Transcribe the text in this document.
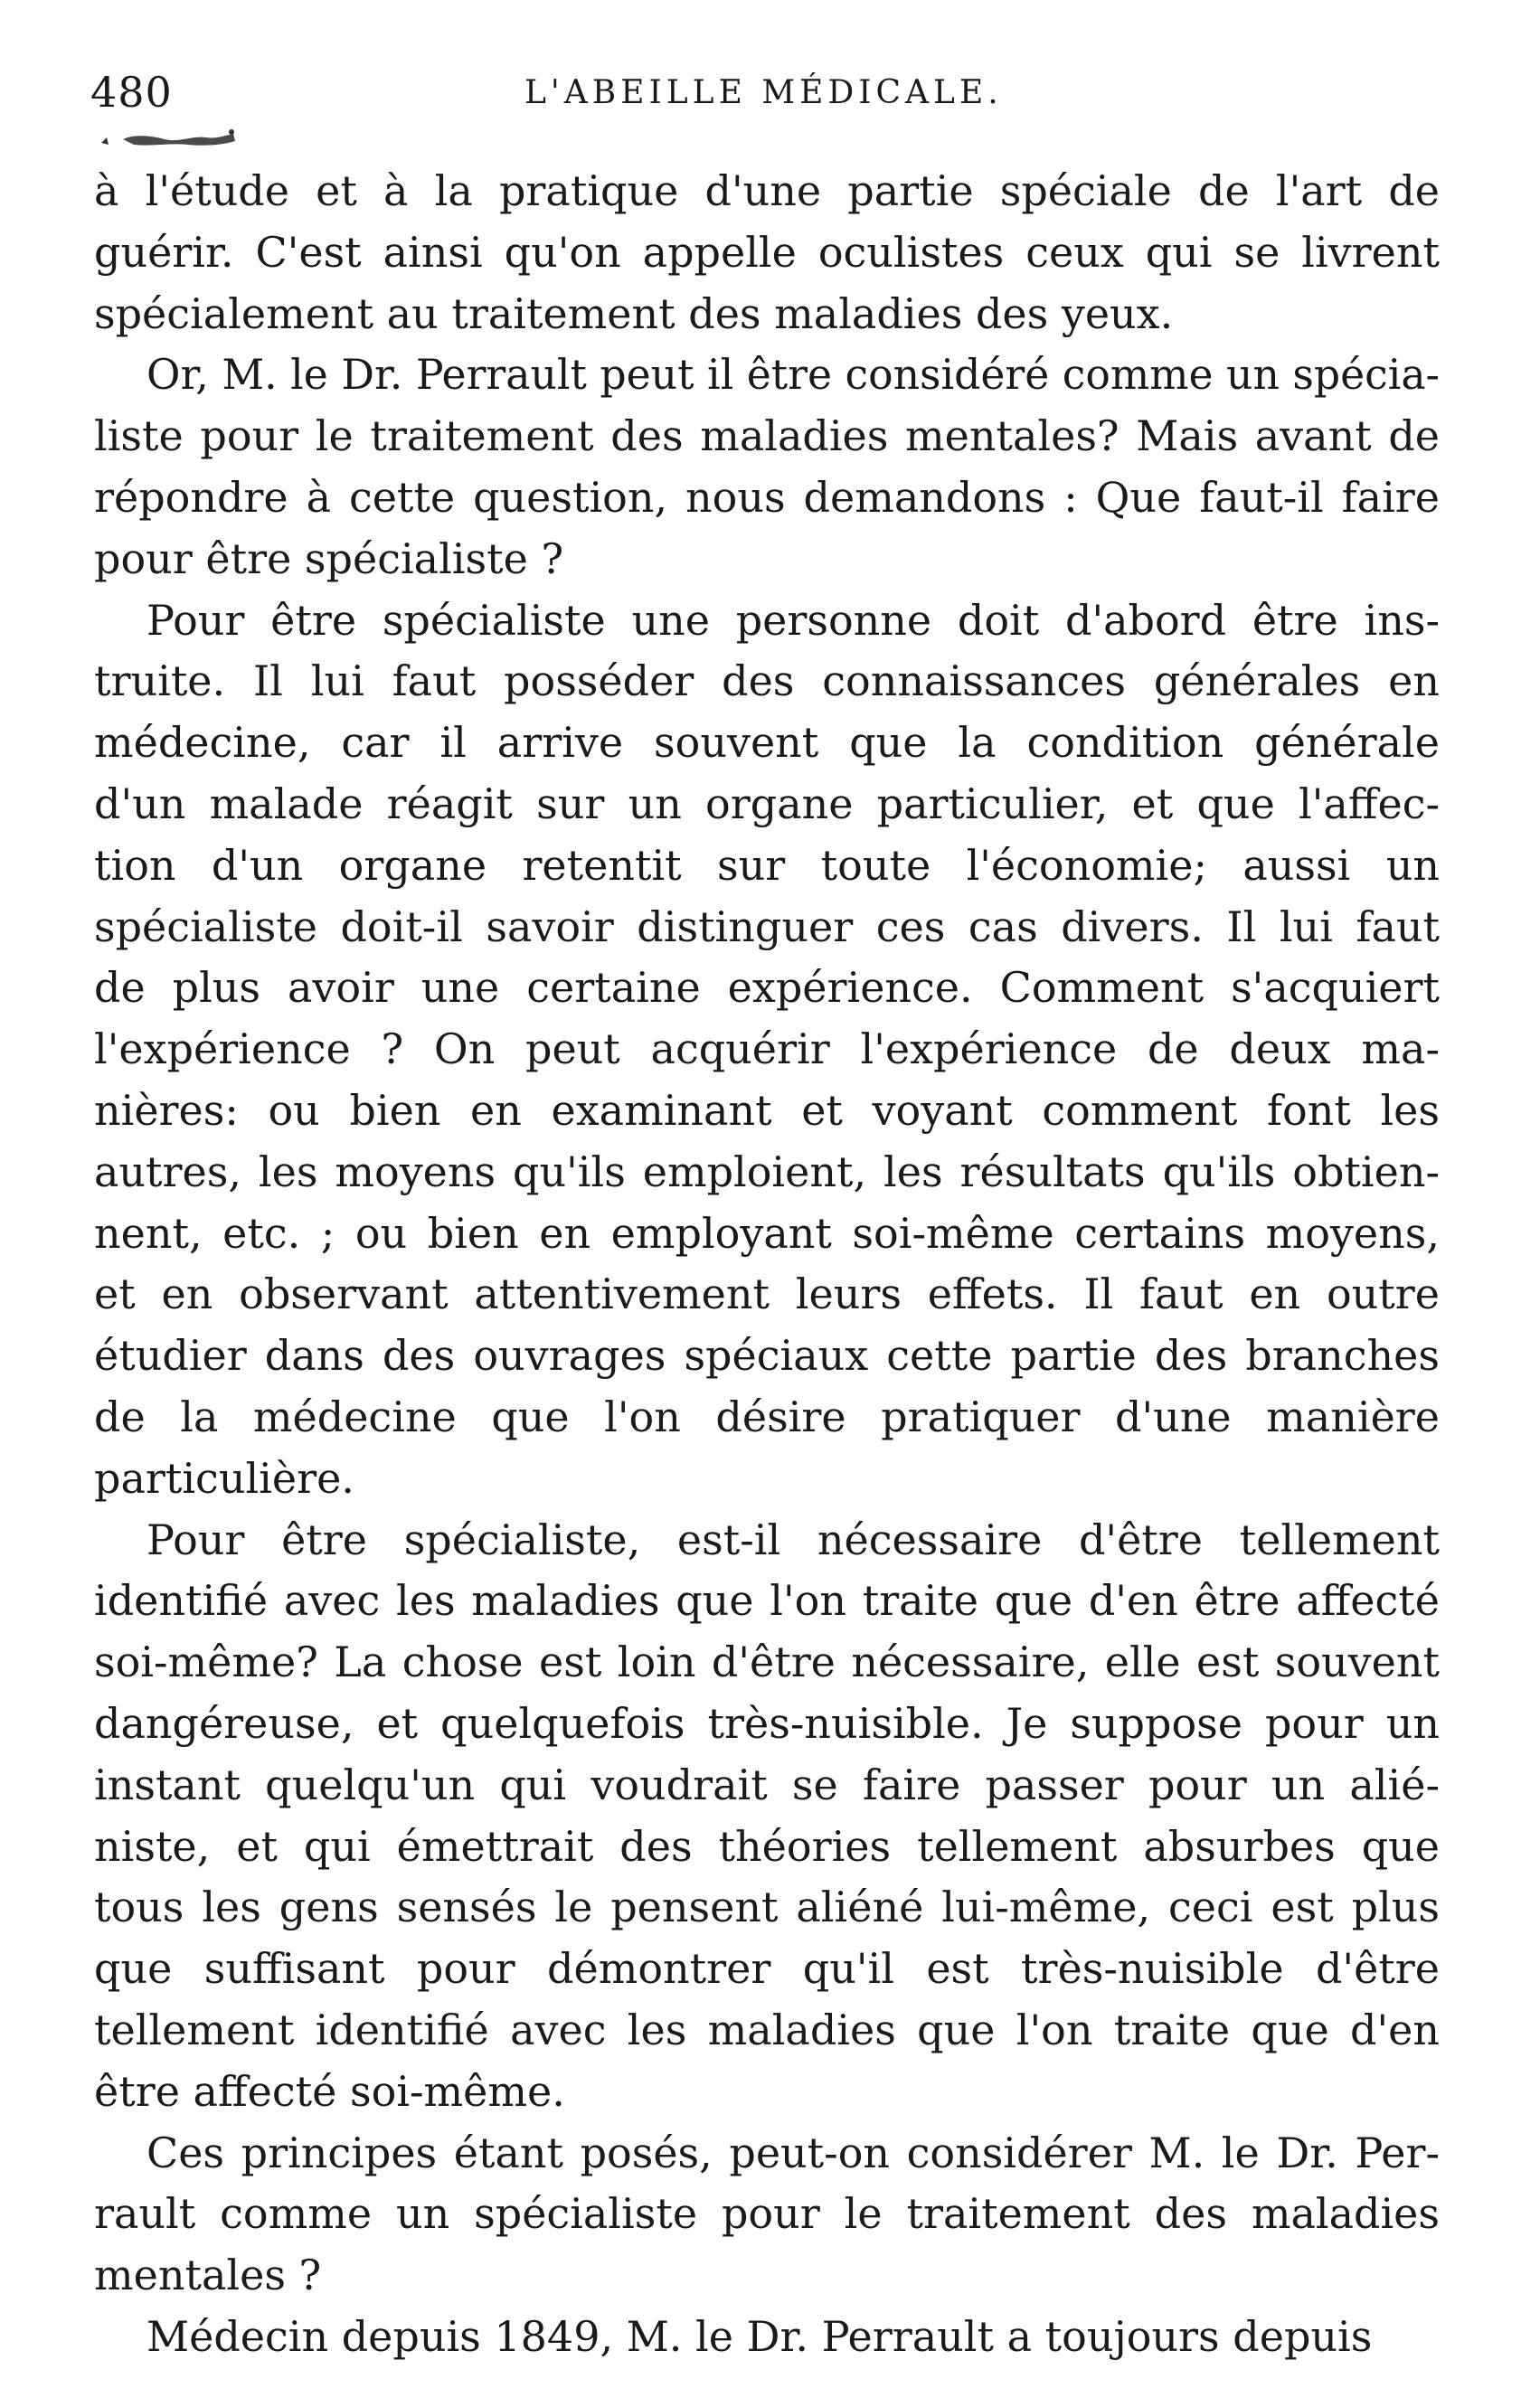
480	L'ABEILLE MÉDICALE.

à l'étude et à la pratique d'une partie spéciale de l'art de
guérir. C'est ainsi qu'on appelle oculistes ceux qui se livrent
spécialement au traitement des maladies des yeux.

Or, M. le Dr. Perrault peut il être considéré comme un spécia-
liste pour le traitement des maladies mentales? Mais avant de
répondre à cette question, nous demandons : Que faut-il faire
pour être spécialiste ?

Pour être spécialiste une personne doit d'abord être ins-
truite. Il lui faut posséder des connaissances générales en
médecine, car il arrive souvent que la condition générale
d'un malade réagit sur un organe particulier, et que l'affec-
tion d'un organe retentit sur toute l'économie; aussi un
spécialiste doit-il savoir distinguer ces cas divers. Il lui faut
de plus avoir une certaine expérience. Comment s'acquiert
l'expérience ? On peut acquérir l'expérience de deux ma-
nières: ou bien en examinant et voyant comment font les
autres, les moyens qu'ils emploient, les résultats qu'ils obtien-
nent, etc. ; ou bien en employant soi-même certains moyens,
et en observant attentivement leurs effets. Il faut en outre
étudier dans des ouvrages spéciaux cette partie des branches
de la médecine que l'on désire pratiquer d'une manière
particulière.

Pour être spécialiste, est-il nécessaire d'être tellement
identifié avec les maladies que l'on traite que d'en être affecté
soi-même? La chose est loin d'être nécessaire, elle est souvent
dangéreuse, et quelquefois très-nuisible. Je suppose pour un
instant quelqu'un qui voudrait se faire passer pour un alié-
niste, et qui émettrait des théories tellement absurbes que
tous les gens sensés le pensent aliéné lui-même, ceci est plus
que suffisant pour démontrer qu'il est très-nuisible d'être
tellement identifié avec les maladies que l'on traite que d'en
être affecté soi-même.

Ces principes étant posés, peut-on considérer M. le Dr. Per-
rault comme un spécialiste pour le traitement des maladies
mentales ?

Médecin depuis 1849, M. le Dr. Perrault a toujours depuis
